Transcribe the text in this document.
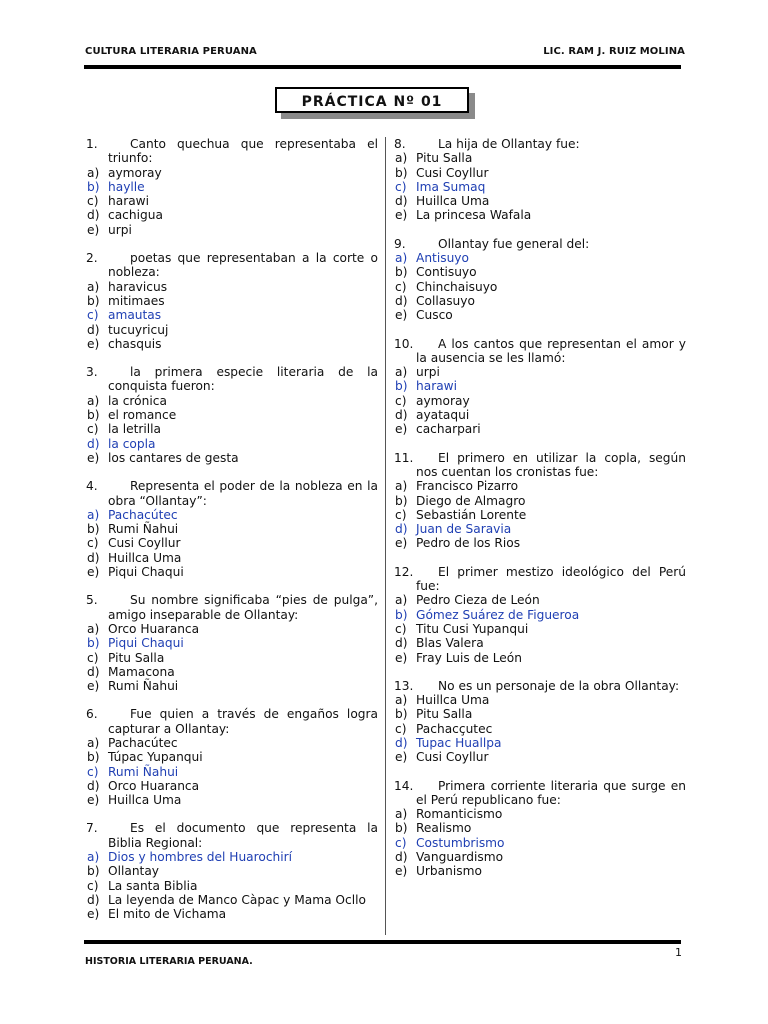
CULTURA LITERARIA PERUANA	LIC. RAM J. RUIZ MOLINA
PRÁCTICA Nº 01
1.	Canto quechua que representaba el triunfo:
a) aymoray
b) haylle
c) harawi
d) cachigua
e) urpi
2.	poetas que representaban a la corte o nobleza:
a) haravicus
b) mitimaes
c) amautas
d) tucuyricuj
e) chasquis
3.	la primera especie literaria de la conquista fueron:
a) la crónica
b) el romance
c) la letrilla
d) la copla
e) los cantares de gesta
4.	Representa el poder de la nobleza en la obra “Ollantay”:
a) Pachacútec
b) Rumi Ñahui
c) Cusi Coyllur
d) Huillca Uma
e) Piqui Chaqui
5.	Su nombre significaba “pies de pulga”, amigo inseparable de Ollantay:
a) Orco Huaranca
b) Piqui Chaqui
c) Pitu Salla
d) Mamacona
e) Rumi Ñahui
6.	Fue quien a través de engaños logra capturar a Ollantay:
a) Pachacútec
b) Túpac Yupanqui
c) Rumi Ñahui
d) Orco Huaranca
e) Huillca Uma
7.	Es el documento que representa la Biblia Regional:
a) Dios y hombres del Huarochirí
b) Ollantay
c) La santa Biblia
d) La leyenda de Manco Càpac y Mama Ocllo
e) El mito de Vichama
8.	La hija de Ollantay fue:
a) Pitu Salla
b) Cusi Coyllur
c) Ima Sumaq
d) Huillca Uma
e) La princesa Wafala
9.	Ollantay fue general del:
a) Antisuyo
b) Contisuyo
c) Chinchaisuyo
d) Collasuyo
e) Cusco
10.	A los cantos que representan el amor y la ausencia se les llamó:
a) urpi
b) harawi
c) aymoray
d) ayataqui
e) cacharpari
11.	El primero en utilizar la copla, según nos cuentan los cronistas fue:
a) Francisco Pizarro
b) Diego de Almagro
c) Sebastián Lorente
d) Juan de Saravia
e) Pedro de los Rios
12.	El primer mestizo ideológico del Perú fue:
a) Pedro Cieza de León
b) Gómez Suárez de Figueroa
c) Titu Cusi Yupanqui
d) Blas Valera
e) Fray Luis de León
13.	No es un personaje de la obra Ollantay:
a) Huillca Uma
b) Pitu Salla
c) Pachacçutec
d) Tupac Huallpa
e) Cusi Coyllur
14.	Primera corriente literaria que surge en el Perú republicano fue:
a) Romanticismo
b) Realismo
c) Costumbrismo
d) Vanguardismo
e) Urbanismo
1
HISTORIA LITERARIA PERUANA.
